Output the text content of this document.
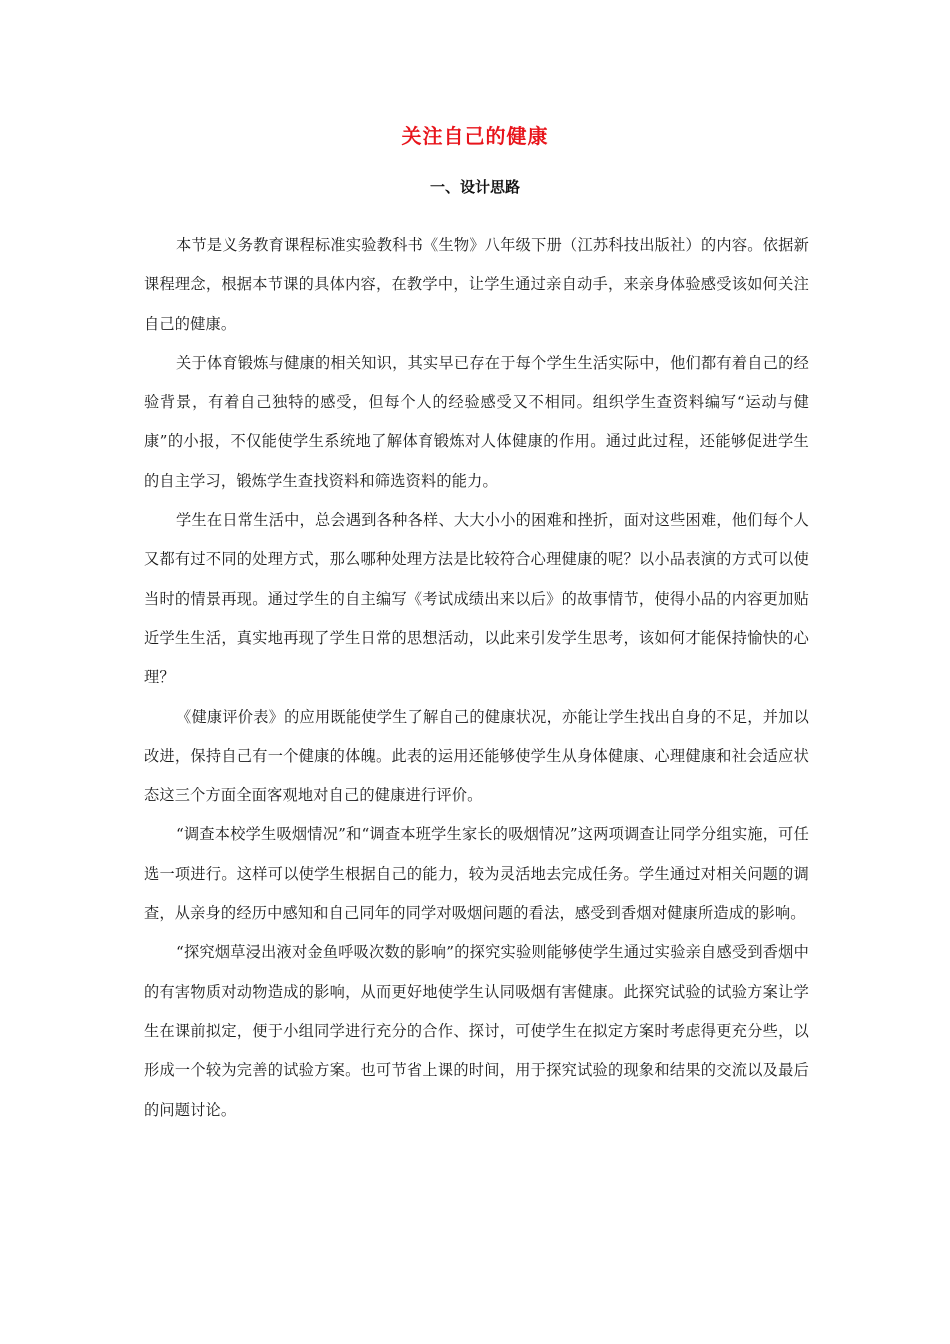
关注自己的健康
一、设计思路

本节是义务教育课程标准实验教科书《生物》八年级下册（江苏科技出版社）的内容。依据新课程理念，根据本节课的具体内容，在教学中，让学生通过亲自动手，来亲身体验感受该如何关注自己的健康。

关于体育锻炼与健康的相关知识，其实早已存在于每个学生生活实际中，他们都有着自己的经验背景，有着自己独特的感受，但每个人的经验感受又不相同。组织学生查资料编写“运动与健康”的小报，不仅能使学生系统地了解体育锻炼对人体健康的作用。通过此过程，还能够促进学生的自主学习，锻炼学生查找资料和筛选资料的能力。

学生在日常生活中，总会遇到各种各样、大大小小的困难和挫折，面对这些困难，他们每个人又都有过不同的处理方式，那么哪种处理方法是比较符合心理健康的呢？以小品表演的方式可以使当时的情景再现。通过学生的自主编写《考试成绩出来以后》的故事情节，使得小品的内容更加贴近学生生活，真实地再现了学生日常的思想活动，以此来引发学生思考，该如何才能保持愉快的心理？

《健康评价表》的应用既能使学生了解自己的健康状况，亦能让学生找出自身的不足，并加以改进，保持自己有一个健康的体魄。此表的运用还能够使学生从身体健康、心理健康和社会适应状态这三个方面全面客观地对自己的健康进行评价。

“调查本校学生吸烟情况”和“调查本班学生家长的吸烟情况”这两项调查让同学分组实施，可任选一项进行。这样可以使学生根据自己的能力，较为灵活地去完成任务。学生通过对相关问题的调查，从亲身的经历中感知和自己同年的同学对吸烟问题的看法，感受到香烟对健康所造成的影响。

“探究烟草浸出液对金鱼呼吸次数的影响”的探究实验则能够使学生通过实验亲自感受到香烟中的有害物质对动物造成的影响，从而更好地使学生认同吸烟有害健康。此探究试验的试验方案让学生在课前拟定，便于小组同学进行充分的合作、探讨，可使学生在拟定方案时考虑得更充分些，以形成一个较为完善的试验方案。也可节省上课的时间，用于探究试验的现象和结果的交流以及最后的问题讨论。
